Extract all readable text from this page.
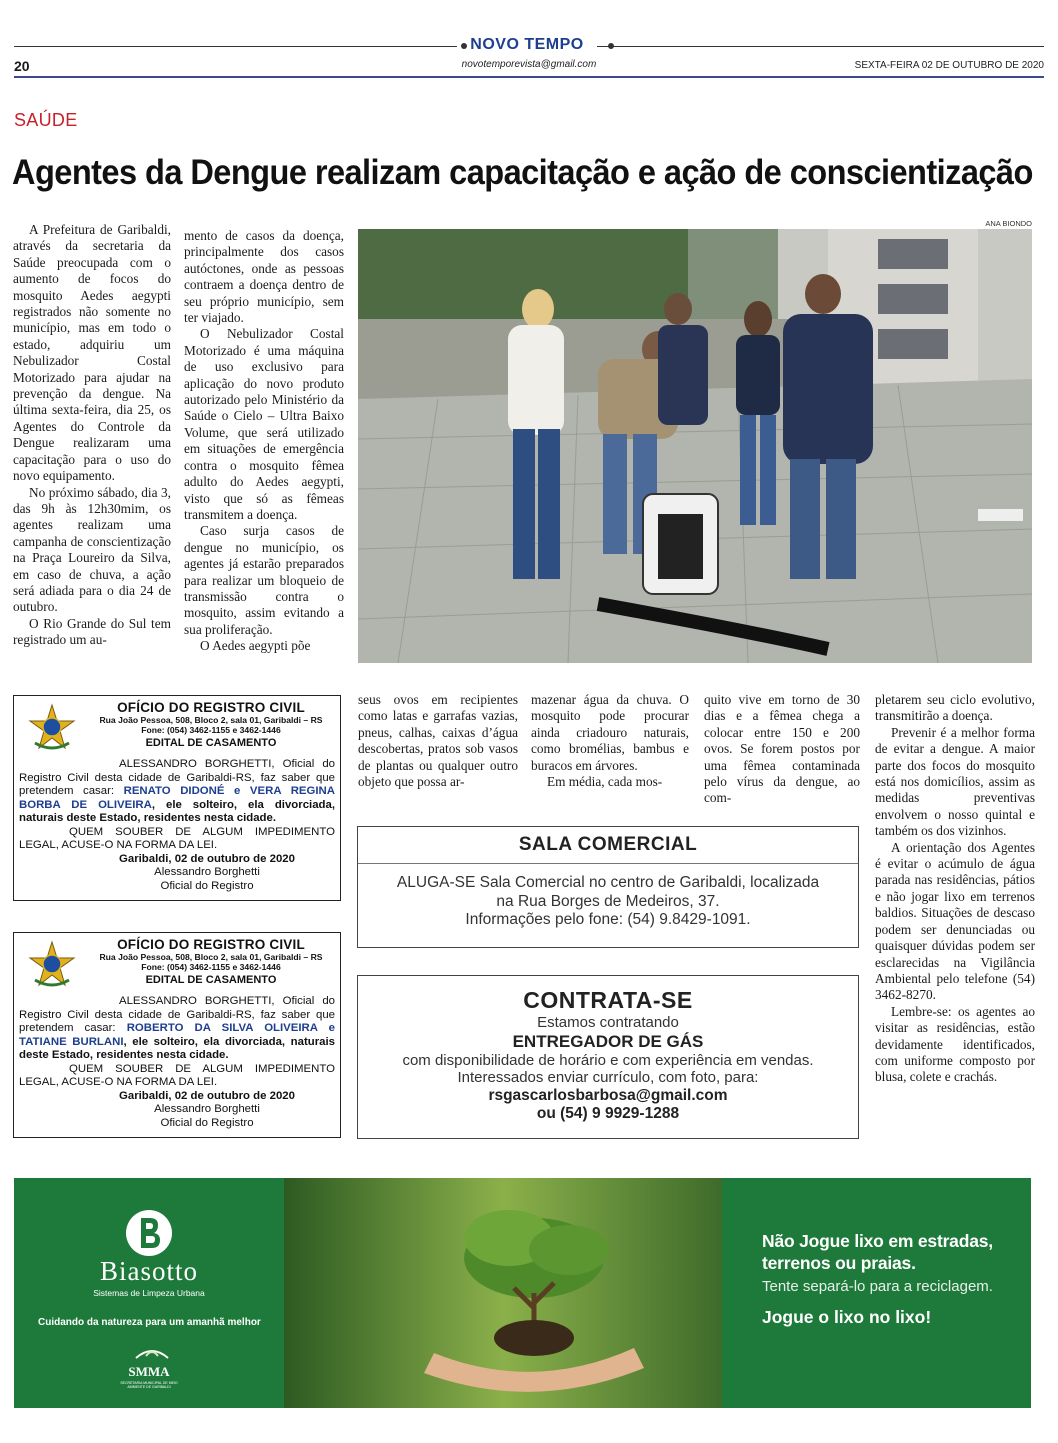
NOVO TEMPO
novotemporevista@gmail.com
20	SEXTA-FEIRA 02 DE OUTUBRO DE 2020
SAÚDE
Agentes da Dengue realizam capacitação e ação de conscientização

A Prefeitura de Garibaldi, através da secretaria da Saúde preocupada com o aumento de focos do mosquito Aedes aegypti registrados não somente no município, mas em todo o estado, adquiriu um Nebulizador Costal Motorizado para ajudar na prevenção da dengue. Na última sexta-feira, dia 25, os Agentes do Controle da Dengue realizaram uma capacitação para o uso do novo equipamento.

No próximo sábado, dia 3, das 9h às 12h30mim, os agentes realizam uma campanha de conscientização na Praça Loureiro da Silva, em caso de chuva, a ação será adiada para o dia 24 de outubro.

O Rio Grande do Sul tem registrado um au-

mento de casos da doença, principalmente dos casos autóctones, onde as pessoas contraem a doença dentro de seu próprio município, sem ter viajado.

O Nebulizador Costal Motorizado é uma máquina de uso exclusivo para aplicação do novo produto autorizado pelo Ministério da Saúde o Cielo – Ultra Baixo Volume, que será utilizado em situações de emergência contra o mosquito fêmea adulto do Aedes aegypti, visto que só as fêmeas transmitem a doença.

Caso surja casos de dengue no município, os agentes já estarão preparados para realizar um bloqueio de transmissão contra o mosquito, assim evitando a sua proliferação.

O Aedes aegypti põe

ANA BIONDO
seus ovos em recipientes como latas e garrafas vazias, pneus, calhas, caixas d’água descobertas, pratos sob vasos de plantas ou qualquer outro objeto que possa ar-

mazenar água da chuva. O mosquito pode procurar ainda criadouro naturais, como bromélias, bambus e buracos em árvores.

Em média, cada mos-

quito vive em torno de 30 dias e a fêmea chega a colocar entre 150 e 200 ovos. Se forem postos por uma fêmea contaminada pelo vírus da dengue, ao com-

pletarem seu ciclo evolutivo, transmitirão a doença.

Prevenir é a melhor forma de evitar a dengue. A maior parte dos focos do mosquito está nos domicílios, assim as medidas preventivas envolvem o nosso quintal e também os dos vizinhos.

A orientação dos Agentes é evitar o acúmulo de água parada nas residências, pátios e não jogar lixo em terrenos baldios. Situações de descaso podem ser denunciadas ou quaisquer dúvidas podem ser esclarecidas na Vigilância Ambiental pelo telefone (54) 3462-8270.

Lembre-se: os agentes ao visitar as residências, estão devidamente identificados, com uniforme composto por blusa, colete e crachás.

OFÍCIO DO REGISTRO CIVIL
Rua João Pessoa, 508, Bloco 2, sala 01, Garibaldi – RS
Fone: (054) 3462-1155 e 3462-1446
EDITAL DE CASAMENTO
ALESSANDRO BORGHETTI, Oficial do Registro Civil desta cidade de Garibaldi-RS, faz saber que pretendem casar: RENATO DIDONÉ e VERA REGINA BORBA DE OLIVEIRA, ele solteiro, ela divorciada, naturais deste Estado, residentes nesta cidade.
QUEM SOUBER DE ALGUM IMPEDIMENTO LEGAL, ACUSE-O NA FORMA DA LEI.
Garibaldi, 02 de outubro de 2020
Alessandro Borghetti
Oficial do Registro
OFÍCIO DO REGISTRO CIVIL
Rua João Pessoa, 508, Bloco 2, sala 01, Garibaldi – RS
Fone: (054) 3462-1155 e 3462-1446
EDITAL DE CASAMENTO
ALESSANDRO BORGHETTI, Oficial do Registro Civil desta cidade de Garibaldi-RS, faz saber que pretendem casar: ROBERTO DA SILVA OLIVEIRA e TATIANE BURLANI, ele solteiro, ela divorciada, naturais deste Estado, residentes nesta cidade.
QUEM SOUBER DE ALGUM IMPEDIMENTO LEGAL, ACUSE-O NA FORMA DA LEI.
Garibaldi, 02 de outubro de 2020
Alessandro Borghetti
Oficial do Registro
SALA COMERCIAL
ALUGA-SE Sala Comercial no centro de Garibaldi, localizada
na Rua Borges de Medeiros, 37.
Informações pelo fone: (54) 9.8429-1091.
CONTRATA-SE
Estamos contratando
ENTREGADOR DE GÁS
com disponibilidade de horário e com experiência em vendas.
Interessados enviar currículo, com foto, para:
rsgascarlosbarbosa@gmail.com
ou (54) 9 9929-1288
Biasotto
Sistemas de Limpeza Urbana
Cuidando da natureza para um amanhã melhor
SMMA
SECRETARIA MUNICIPAL DE MEIO AMBIENTE DE GARIBALDI
Não Jogue lixo em estradas, terrenos ou praias.
Tente separá-lo para a reciclagem.
Jogue o lixo no lixo!
